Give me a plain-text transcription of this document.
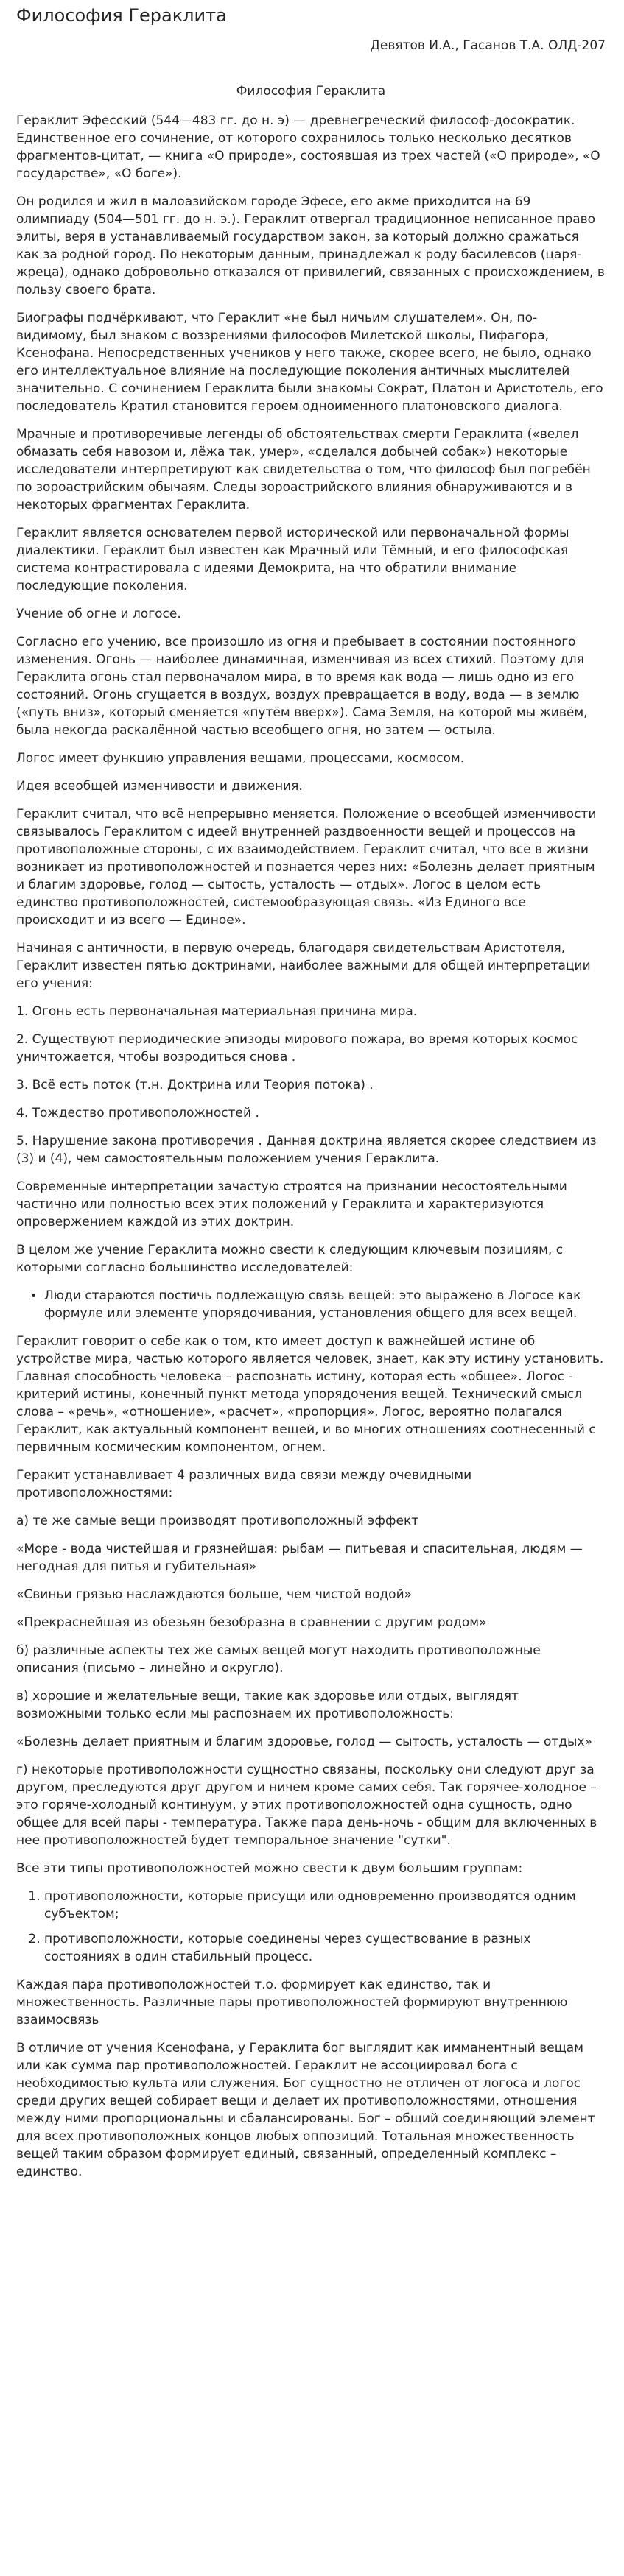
Философия Гераклита
Девятов И.А., Гасанов Т.А. ОЛД-207
Философия Гераклита

Гераклит Эфесский (544—483 гг. до н. э) — древнегреческий философ-досократик. Единственное его сочинение, от которого сохранилось только несколько десятков фрагментов-цитат, — книга «О природе», состоявшая из трех частей («О природе», «О государстве», «О боге»).

Он родился и жил в малоазийском городе Эфесе, его акме приходится на 69 олимпиаду (504—501 гг. до н. э.). Гераклит отвергал традиционное неписанное право элиты, веря в устанавливаемый государством закон, за который должно сражаться как за родной город. По некоторым данным, принадлежал к роду басилевсов (царя-жреца), однако добровольно отказался от привилегий, связанных с происхождением, в пользу своего брата.

Биографы подчёркивают, что Гераклит «не был ничьим слушателем». Он, по-видимому, был знаком с воззрениями философов Милетской школы, Пифагора, Ксенофана. Непосредственных учеников у него также, скорее всего, не было, однако его интеллектуальное влияние на последующие поколения античных мыслителей значительно. С сочинением Гераклита были знакомы Сократ, Платон и Аристотель, его последователь Кратил становится героем одноименного платоновского диалога.

Мрачные и противоречивые легенды об обстоятельствах смерти Гераклита («велел обмазать себя навозом и, лёжа так, умер», «сделался добычей собак») некоторые исследователи интерпретируют как свидетельства о том, что философ был погребён по зороастрийским обычаям. Следы зороастрийского влияния обнаруживаются и в некоторых фрагментах Гераклита.

Гераклит является основателем первой исторической или первоначальной формы диалектики. Гераклит был известен как Мрачный или Тёмный, и его философская система контрастировала с идеями Демокрита, на что обратили внимание последующие поколения.

Учение об огне и логосе.

Согласно его учению, все произошло из огня и пребывает в состоянии постоянного изменения. Огонь — наиболее динамичная, изменчивая из всех стихий. Поэтому для Гераклита огонь стал первоначалом мира, в то время как вода — лишь одно из его состояний. Огонь сгущается в воздух, воздух превращается в воду, вода — в землю («путь вниз», который сменяется «путём вверх»). Сама Земля, на которой мы живём, была некогда раскалённой частью всеобщего огня, но затем — остыла.

Логос имеет функцию управления вещами, процессами, космосом.

Идея всеобщей изменчивости и движения.

Гераклит считал, что всё непрерывно меняется. Положение о всеобщей изменчивости связывалось Гераклитом с идеей внутренней раздвоенности вещей и процессов на противоположные стороны, с их взаимодействием. Гераклит считал, что все в жизни возникает из противоположностей и познается через них: «Болезнь делает приятным и благим здоровье, голод — сытость, усталость — отдых». Логос в целом есть единство противоположностей, системообразующая связь. «Из Единого все происходит и из всего — Единое».

Начиная с античности, в первую очередь, благодаря свидетельствам Аристотеля, Гераклит известен пятью доктринами, наиболее важными для общей интерпретации его учения:

1. Огонь есть первоначальная материальная причина мира.

2. Существуют периодические эпизоды мирового пожара, во время которых космос уничтожается, чтобы возродиться снова .

3. Всё есть поток (т.н. Доктрина или Теория потока) .

4. Тождество противоположностей .

5. Нарушение закона противоречия . Данная доктрина является скорее следствием из (3) и (4), чем самостоятельным положением учения Гераклита.

Современные интерпретации зачастую строятся на признании несостоятельными частично или полностью всех этих положений у Гераклита и характеризуются опровержением каждой из этих доктрин.

В целом же учение Гераклита можно свести к следующим ключевым позициям, с которыми согласно большинство исследователей:

• Люди стараются постичь подлежащую связь вещей: это выражено в Логосе как формуле или элементе упорядочивания, установления общего для всех вещей.

Гераклит говорит о себе как о том, кто имеет доступ к важнейшей истине об устройстве мира, частью которого является человек, знает, как эту истину установить. Главная способность человека – распознать истину, которая есть «общее». Логос - критерий истины, конечный пункт метода упорядочения вещей. Технический смысл слова – «речь», «отношение», «расчет», «пропорция». Логос, вероятно полагался Гераклит, как актуальный компонент вещей, и во многих отношениях соотнесенный с первичным космическим компонентом, огнем.

Геракит устанавливает 4 различных вида связи между очевидными противоположностями:

а) те же самые вещи производят противоположный эффект

«Море - вода чистейшая и грязнейшая: рыбам — питьевая и спасительная, людям — негодная для питья и губительная»

«Свиньи грязью наслаждаются больше, чем чистой водой»

«Прекраснейшая из обезьян безобразна в сравнении с другим родом»

б) различные аспекты тех же самых вещей могут находить противоположные описания (письмо – линейно и округло).

в) хорошие и желательные вещи, такие как здоровье или отдых, выглядят возможными только если мы распознаем их противоположность:

«Болезнь делает приятным и благим здоровье, голод — сытость, усталость — отдых»

г) некоторые противоположности сущностно связаны, поскольку они следуют друг за другом, преследуются друг другом и ничем кроме самих себя. Так горячее-холодное – это горяче-холодный континуум, у этих противоположностей одна сущность, одно общее для всей пары - температура. Также пара день-ночь - общим для включенных в нее противоположностей будет темпоральное значение "сутки".

Все эти типы противоположностей можно свести к двум большим группам:

1. противоположности, которые присущи или одновременно производятся одним субъектом;
2. противоположности, которые соединены через существование в разных состояниях в один стабильный процесс.

Каждая пара противоположностей т.о. формирует как единство, так и множественность. Различные пары противоположностей формируют внутреннюю взаимосвязь

В отличие от учения Ксенофана, у Гераклита бог выглядит как имманентный вещам или как сумма пар противоположностей. Гераклит не ассоциировал бога с необходимостью культа или служения. Бог сущностно не отличен от логоса и логос среди других вещей собирает вещи и делает их противоположностями, отношения между ними пропорциональны и сбалансированы. Бог – общий соединяющий элемент для всех противоположных концов любых оппозиций. Тотальная множественность вещей таким образом формирует единый, связанный, определенный комплекс – единство.
